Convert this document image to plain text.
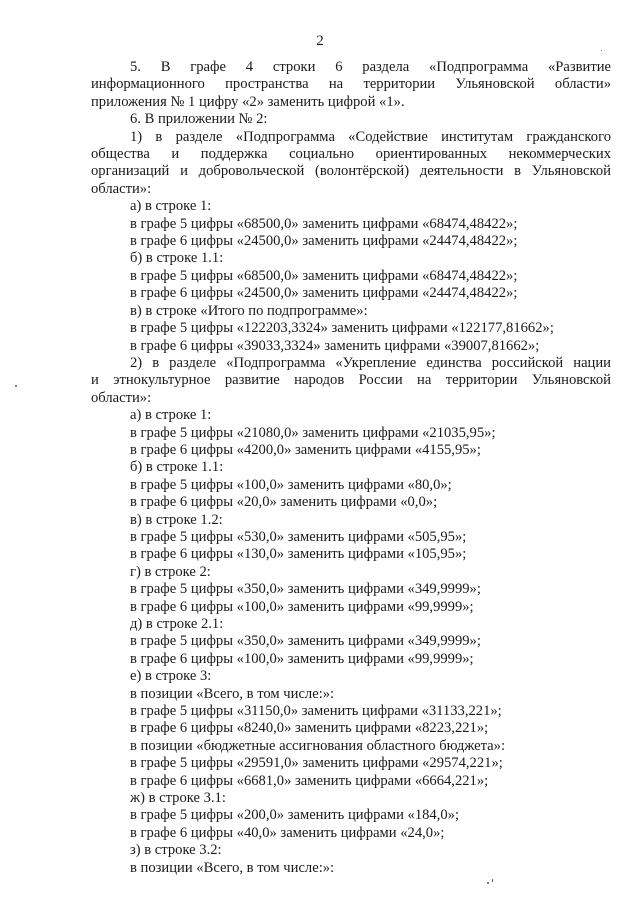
2

5. В графе 4 строки 6 раздела «Подпрограмма «Развитие

информационного пространства на территории Ульяновской области»

приложения № 1 цифру «2» заменить цифрой «1».

6. В приложении № 2:

1) в разделе «Подпрограмма «Содействие институтам гражданского

общества и поддержка социально ориентированных некоммерческих

организаций и добровольческой (волонтёрской) деятельности в Ульяновской

области»:

а) в строке 1:

в графе 5 цифры «68500,0» заменить цифрами «68474,48422»;

в графе 6 цифры «24500,0» заменить цифрами «24474,48422»;

б) в строке 1.1:

в графе 5 цифры «68500,0» заменить цифрами «68474,48422»;

в графе 6 цифры «24500,0» заменить цифрами «24474,48422»;

в) в строке «Итого по подпрограмме»:

в графе 5 цифры «122203,3324» заменить цифрами «122177,81662»;

в графе 6 цифры «39033,3324» заменить цифрами «39007,81662»;

2) в разделе «Подпрограмма «Укрепление единства российской нации

и этнокультурное развитие народов России на территории Ульяновской

области»:

а) в строке 1:

в графе 5 цифры «21080,0» заменить цифрами «21035,95»;

в графе 6 цифры «4200,0» заменить цифрами «4155,95»;

б) в строке 1.1:

в графе 5 цифры «100,0» заменить цифрами «80,0»;

в графе 6 цифры «20,0» заменить цифрами «0,0»;

в) в строке 1.2:

в графе 5 цифры «530,0» заменить цифрами «505,95»;

в графе 6 цифры «130,0» заменить цифрами «105,95»;

г) в строке 2:

в графе 5 цифры «350,0» заменить цифрами «349,9999»;

в графе 6 цифры «100,0» заменить цифрами «99,9999»;

д) в строке 2.1:

в графе 5 цифры «350,0» заменить цифрами «349,9999»;

в графе 6 цифры «100,0» заменить цифрами «99,9999»;

е) в строке 3:

в позиции «Всего, в том числе:»:

в графе 5 цифры «31150,0» заменить цифрами «31133,221»;

в графе 6 цифры «8240,0» заменить цифрами «8223,221»;

в позиции «бюджетные ассигнования областного бюджета»:

в графе 5 цифры «29591,0» заменить цифрами «29574,221»;

в графе 6 цифры «6681,0» заменить цифрами «6664,221»;

ж) в строке 3.1:

в графе 5 цифры «200,0» заменить цифрами «184,0»;

в графе 6 цифры «40,0» заменить цифрами «24,0»;

з) в строке 3.2:

в позиции «Всего, в том числе:»:
